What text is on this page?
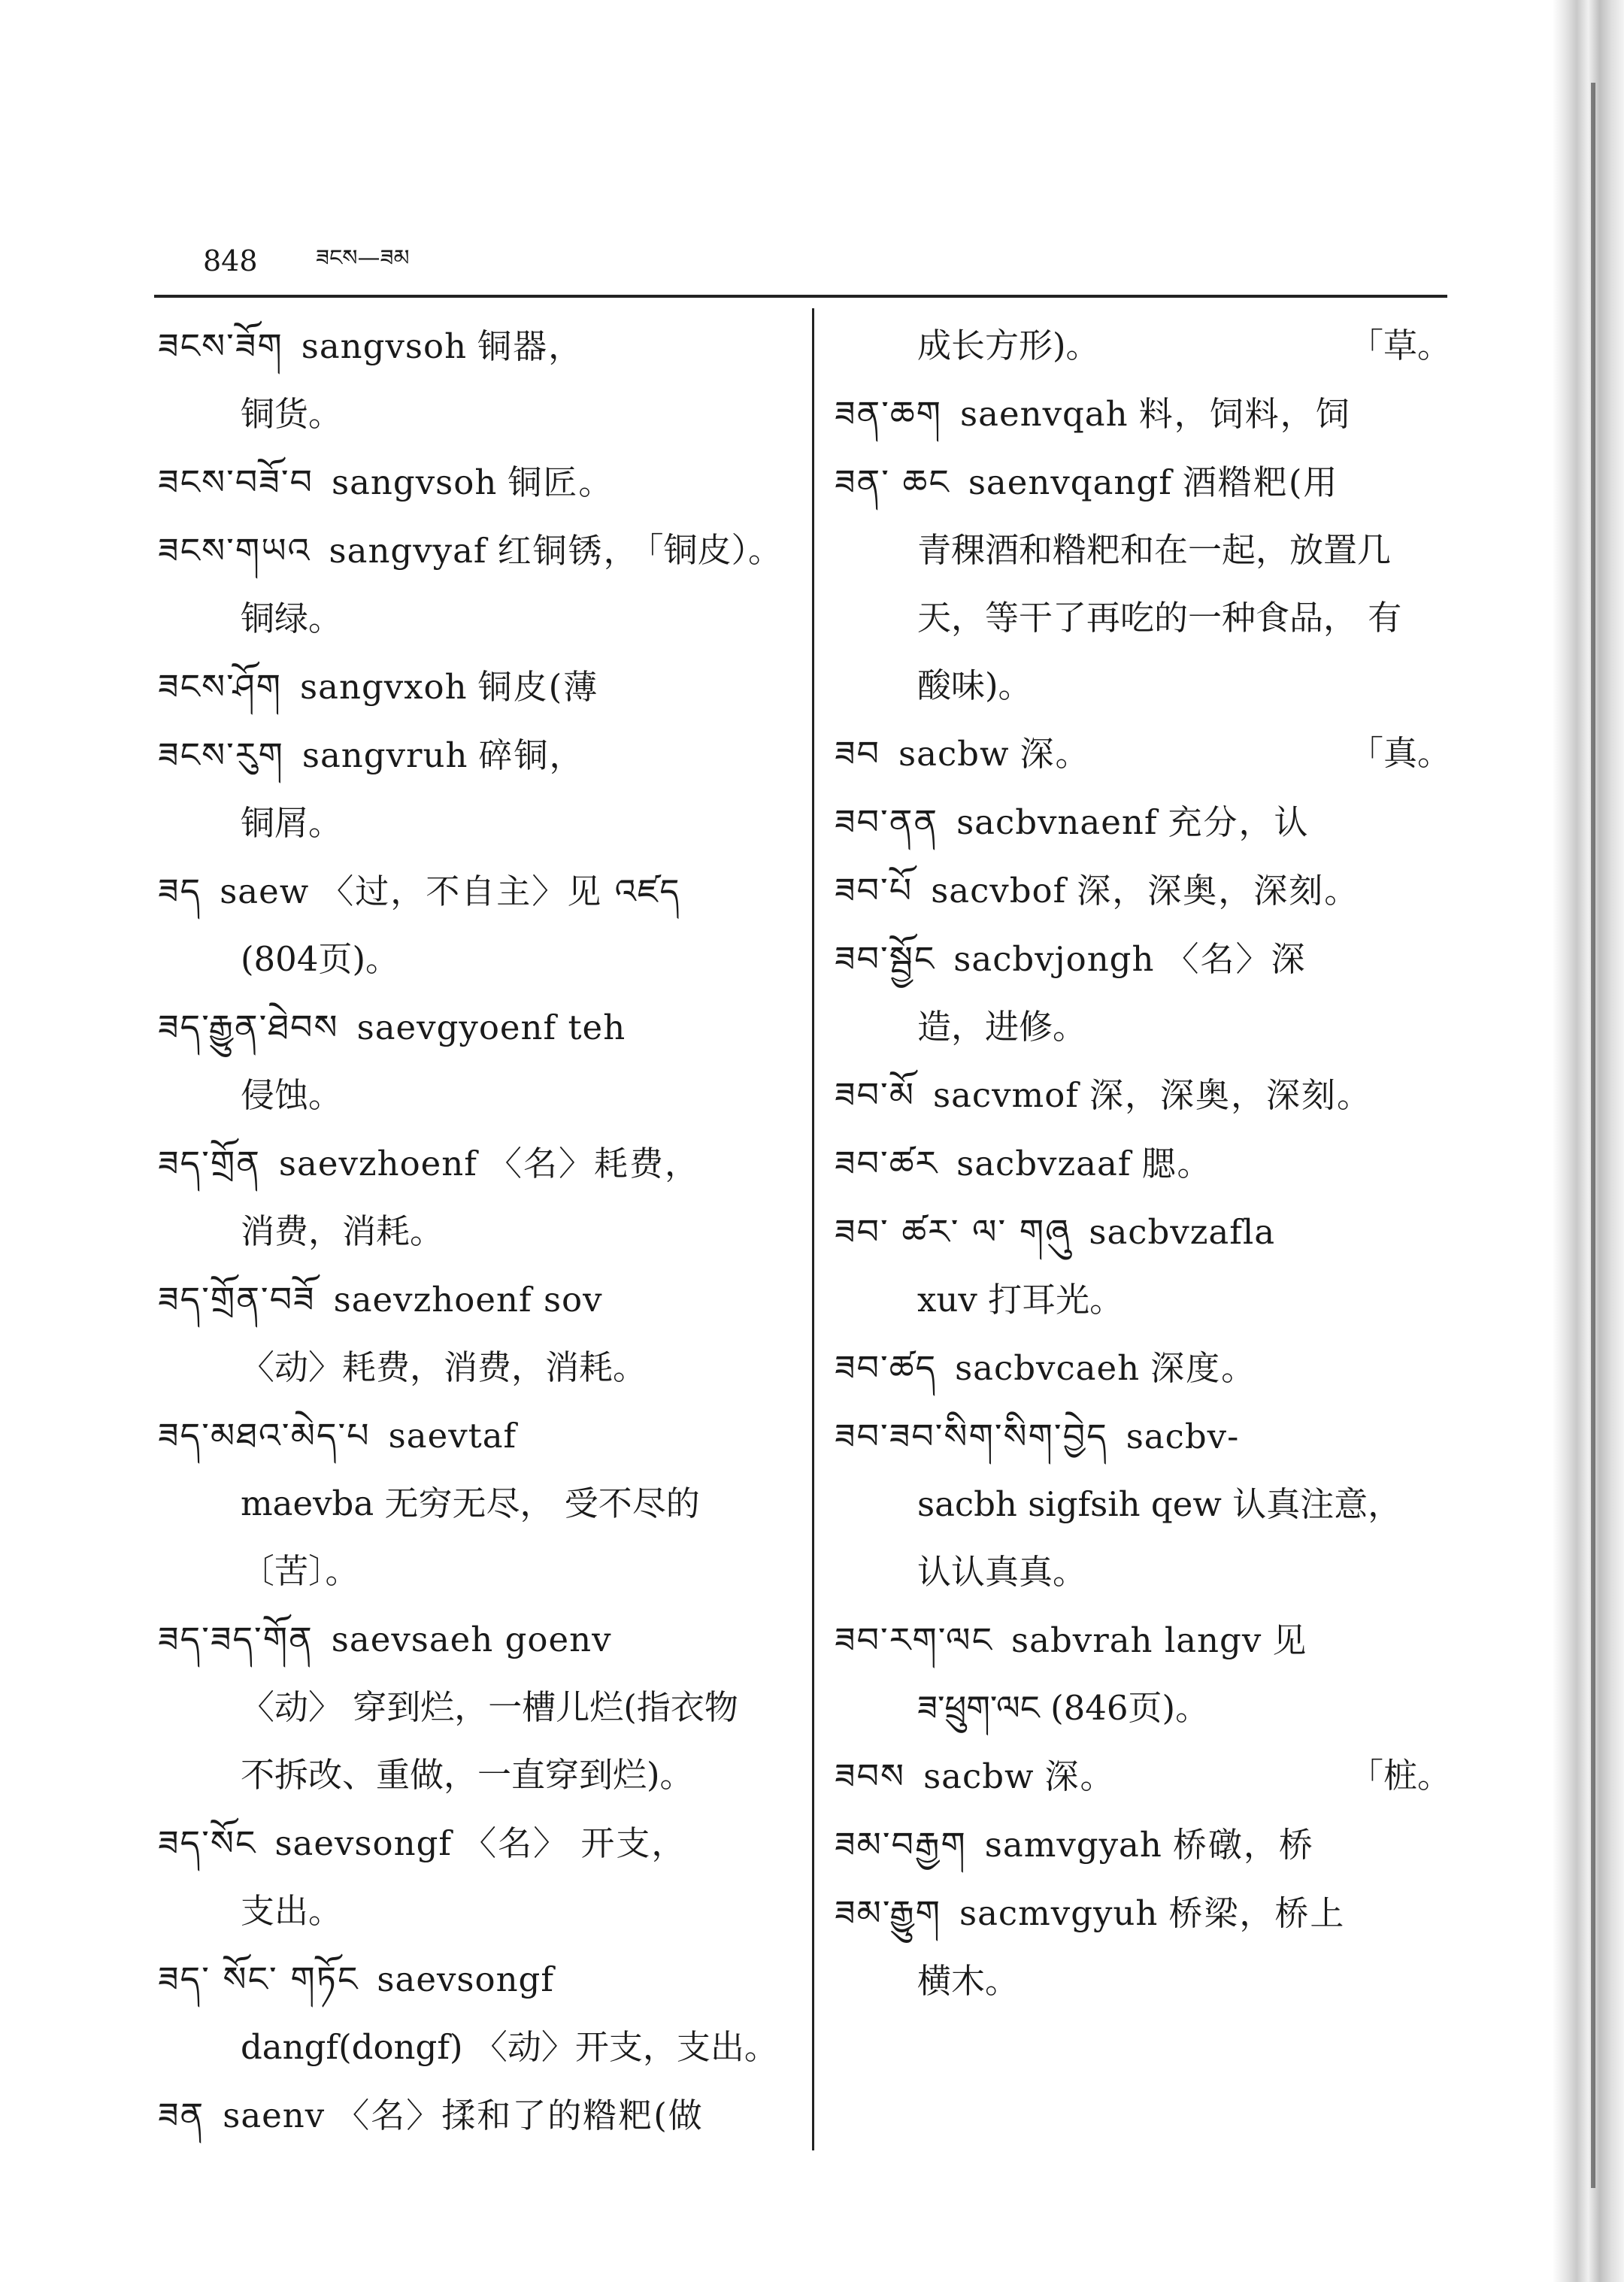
848	ཟངས—ཟམ
ཟངས་ཟོག sangvsoh 铜器，
铜货。
ཟངས་བཟོ་བ sangvsoh 铜匠。
ཟངས་གཡའ sangvyaf 红铜锈，
铜绿。
「铜皮）。
ཟངས་ཤོག sangvxoh 铜皮(薄
ཟངས་རུག sangvruh 碎铜，
铜屑。
ཟད saew 〈过，不自主〉见 འཛད
(804页)。
ཟད་རྒྱུན་ཐེབས saevgyoenf teh
侵蚀。
ཟད་གྲོན saevzhoenf 〈名〉耗费，
消费，消耗。
ཟད་གྲོན་བཟོ saevzhoenf sov
〈动〉耗费，消费，消耗。
ཟད་མཐའ་མེད་པ saevtaf
maevba 无穷无尽， 受不尽的
〔苦〕。
ཟད་ཟད་གོན saevsaeh goenv
〈动〉 穿到烂，一槽儿烂(指衣物
不拆改、重做，一直穿到烂)。
ཟད་སོང saevsongf 〈名〉 开支，
支出。
ཟད་ སོང་ གཏོང saevsongf
dangf(dongf) 〈动〉开支，支出。
ཟན saenv 〈名〉揉和了的糌粑(做
成长方形)。	「草。
ཟན་ཆག saenvqah 料，饲料，饲
ཟན་ ཆང saenvqangf 酒糌粑(用
青稞酒和糌粑和在一起，放置几
天，等干了再吃的一种食品， 有
酸味)。
ཟབ sacbw 深。	「真。
ཟབ་ནན sacbvnaenf 充分，认
ཟབ་པོ sacvbof 深，深奥，深刻。
ཟབ་སྦྱོང sacbvjongh 〈名〉深
造，进修。
ཟབ་མོ sacvmof 深，深奥，深刻。
ཟབ་ཚར sacbvzaaf 腮。
ཟབ་ ཚར་ ལ་ གཞུ sacbvzafla
xuv 打耳光。
ཟབ་ཚད sacbvcaeh 深度。
ཟབ་ཟབ་སིག་སིག་བྱེད sacbv-
sacbh sigfsih qew 认真注意，
认认真真。
ཟབ་རག་ལང sabvrah langv 见
ཟ་ཕྲུག་ལང (846页)。
ཟབས sacbw 深。	「桩。
ཟམ་བརྒྱག samvgyah 桥礅，桥
ཟམ་རྒྱུག sacmvgyuh 桥梁，桥上
横木。
